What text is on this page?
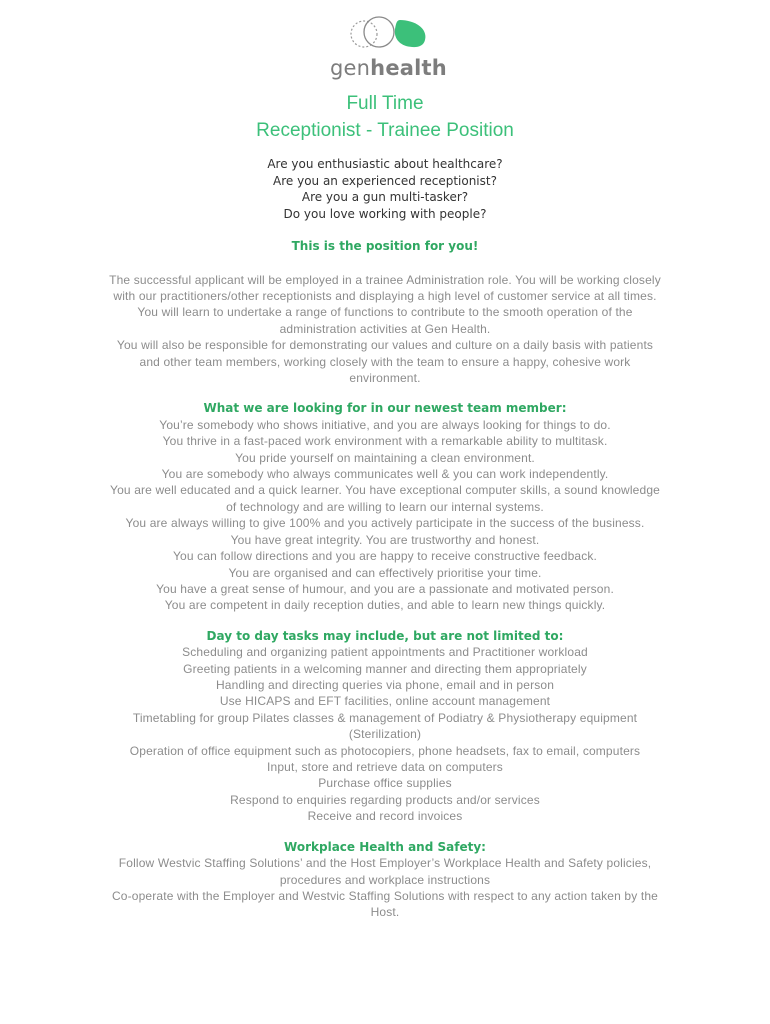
genhealth

Full Time

Receptionist - Trainee Position

Are you enthusiastic about healthcare?
Are you an experienced receptionist?
Are you a gun multi-tasker?
Do you love working with people?
This is the position for you!
The successful applicant will be employed in a trainee Administration role. You will be working closely
with our practitioners/other receptionists and displaying a high level of customer service at all times.
You will learn to undertake a range of functions to contribute to the smooth operation of the
administration activities at Gen Health.
You will also be responsible for demonstrating our values and culture on a daily basis with patients
and other team members, working closely with the team to ensure a happy, cohesive work
environment.
What we are looking for in our newest team member:
You’re somebody who shows initiative, and you are always looking for things to do.
You thrive in a fast-paced work environment with a remarkable ability to multitask.
You pride yourself on maintaining a clean environment.
You are somebody who always communicates well & you can work independently.
You are well educated and a quick learner. You have exceptional computer skills, a sound knowledge
of technology and are willing to learn our internal systems.
You are always willing to give 100% and you actively participate in the success of the business.
You have great integrity. You are trustworthy and honest.
You can follow directions and you are happy to receive constructive feedback.
You are organised and can effectively prioritise your time.
You have a great sense of humour, and you are a passionate and motivated person.
You are competent in daily reception duties, and able to learn new things quickly.
Day to day tasks may include, but are not limited to:
Scheduling and organizing patient appointments and Practitioner workload
Greeting patients in a welcoming manner and directing them appropriately
Handling and directing queries via phone, email and in person
Use HICAPS and EFT facilities, online account management
Timetabling for group Pilates classes & management of Podiatry & Physiotherapy equipment
(Sterilization)
Operation of office equipment such as photocopiers, phone headsets, fax to email, computers
Input, store and retrieve data on computers
Purchase office supplies
Respond to enquiries regarding products and/or services
Receive and record invoices
Workplace Health and Safety:
Follow Westvic Staffing Solutions’ and the Host Employer’s Workplace Health and Safety policies,
procedures and workplace instructions
Co-operate with the Employer and Westvic Staffing Solutions with respect to any action taken by the
Host.
